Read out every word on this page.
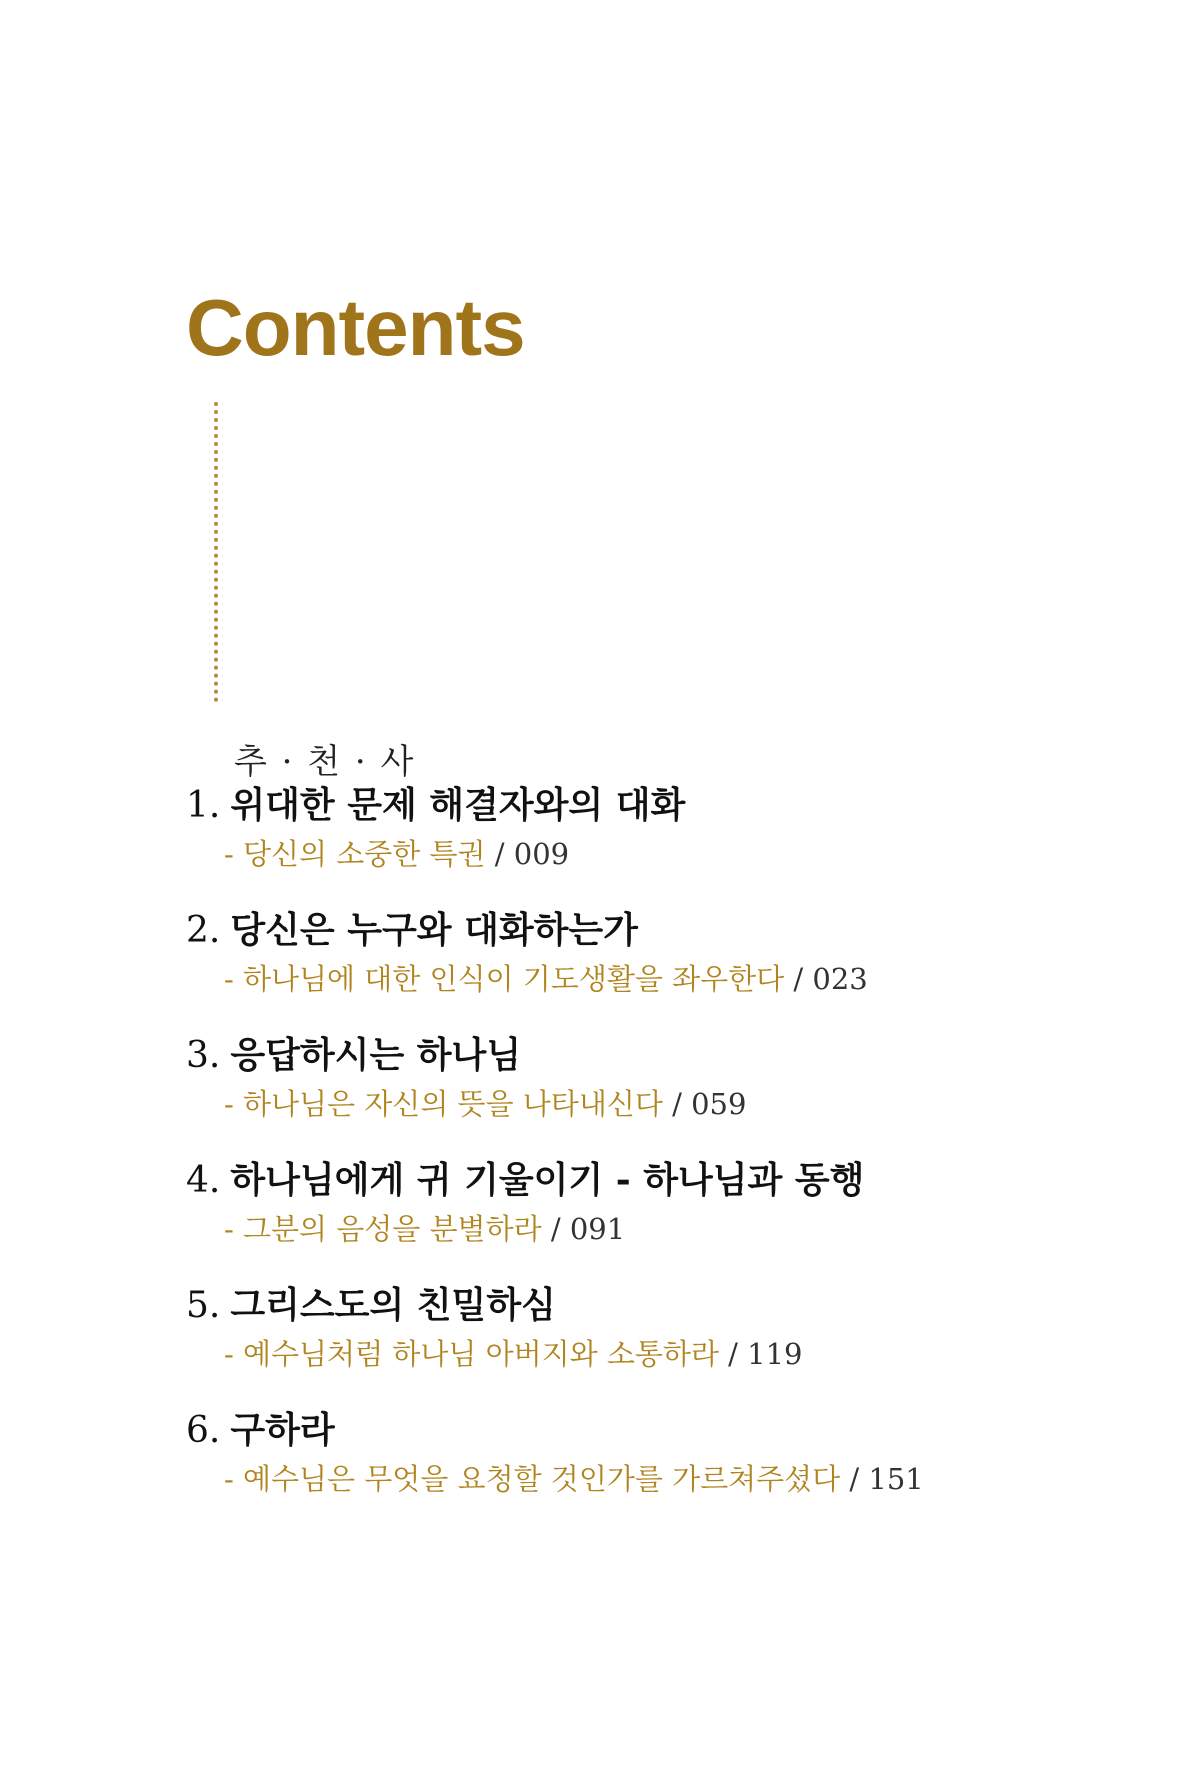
Contents
추 · 천 · 사
1. 위대한 문제 해결자와의 대화
- 당신의 소중한 특권 / 009
2. 당신은 누구와 대화하는가
- 하나님에 대한 인식이 기도생활을 좌우한다 / 023
3. 응답하시는 하나님
- 하나님은 자신의 뜻을 나타내신다 / 059
4. 하나님에게 귀 기울이기 - 하나님과 동행
- 그분의 음성을 분별하라 / 091
5. 그리스도의 친밀하심
- 예수님처럼 하나님 아버지와 소통하라 / 119
6. 구하라
- 예수님은 무엇을 요청할 것인가를 가르쳐주셨다 / 151
